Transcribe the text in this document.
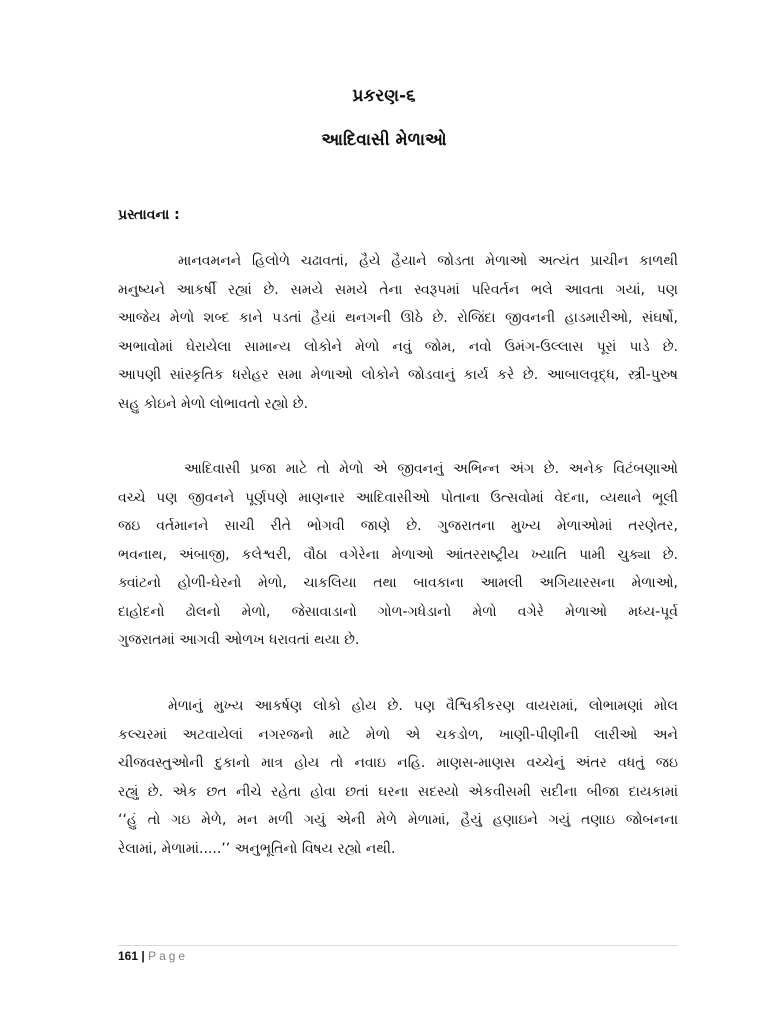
પ્રકરણ-૬
આદિવાસી મેળાઓ
પ્રસ્તાવના :
માનવમનને હિલોળે ચઢાવતાં, હૈયે હૈયાને જોડતા મેળાઓ અત્યંત પ્રાચીન કાળથી
મનુષ્યને આકર્ષી રહ્યાં છે. સમયે સમયે તેના સ્વરૂપમાં પરિવર્તન ભલે આવતા ગયાં, પણ
આજેય મેળો શબ્દ કાને પડતાં હૈયાં થનગની ઊઠે છે. રોજિંદા જીવનની હાડમારીઓ, સંઘર્ષો,
અભાવોમાં ઘેરાયેલા સામાન્ય લોકોને મેળો નવું જોમ, નવો ઉમંગ-ઉલ્લાસ પૂરાં પાડે છે.
આપણી સાંસ્કૃતિક ધરોહર સમા મેળાઓ લોકોને જોડવાનું કાર્ય કરે છે. આબાલવૃદ્ધ, સ્ત્રી-પુરુષ
સહુ કોઇને મેળો લોભાવતો રહ્યો છે.
આદિવાસી પ્રજા માટે તો મેળો એ જીવનનું અભિન્ન અંગ છે. અનેક વિટંબણાઓ
વચ્ચે પણ જીવનને પૂર્ણપણે માણનાર આદિવાસીઓ પોતાના ઉત્સવોમાં વેદના, વ્યથાને ભૂલી
જઇ વર્તમાનને સાચી રીતે ભોગવી જાણે છે. ગુજરાતના મુખ્ય મેળાઓમાં તરણેતર,
ભવનાથ, અંબાજી, કલેશ્વરી, વૌઠા વગેરેના મેળાઓ આંતરરાષ્ટ્રીય ખ્યાતિ પામી ચુક્યા છે.
ક્વાંટનો હોળી-ઘેરનો મેળો, ચાકલિયા તથા બાવકાના આમલી અગિયારસના મેળાઓ,
દાહોદનો ઢોલનો મેળો, જેસાવાડાનો ગોળ-ગધેડાનો મેળો વગેરે મેળાઓ મધ્ય-પૂર્વ
ગુજરાતમાં આગવી ઓળખ ધરાવતાં થયા છે.
મેળાનું મુખ્ય આકર્ષણ લોકો હોય છે. પણ વૈશ્વિકીકરણ વાયરામાં, લોભામણાં મોલ
કલ્ચરમાં અટવાયેલાં નગરજનો માટે મેળો એ ચકડોળ, ખાણી-પીણીની લારીઓ અને
ચીજવસ્તુઓની દુકાનો માત્ર હોય તો નવાઇ નહિ. માણસ-માણસ વચ્ચેનું અંતર વધતું જઇ
રહ્યું છે. એક છત નીચે રહેતા હોવા છતાં ઘરના સદસ્યો એકવીસમી સદીના બીજા દાયકામાં
‘‘હું તો ગઇ મેળે, મન મળી ગયું એની મેળે મેળામાં, હૈયું હણાઇને ગયું તણાઇ જોબનના
રેલામાં, મેળામાં.....’’ અનુભૂતિનો વિષય રહ્યો નથી.
161 | Page
